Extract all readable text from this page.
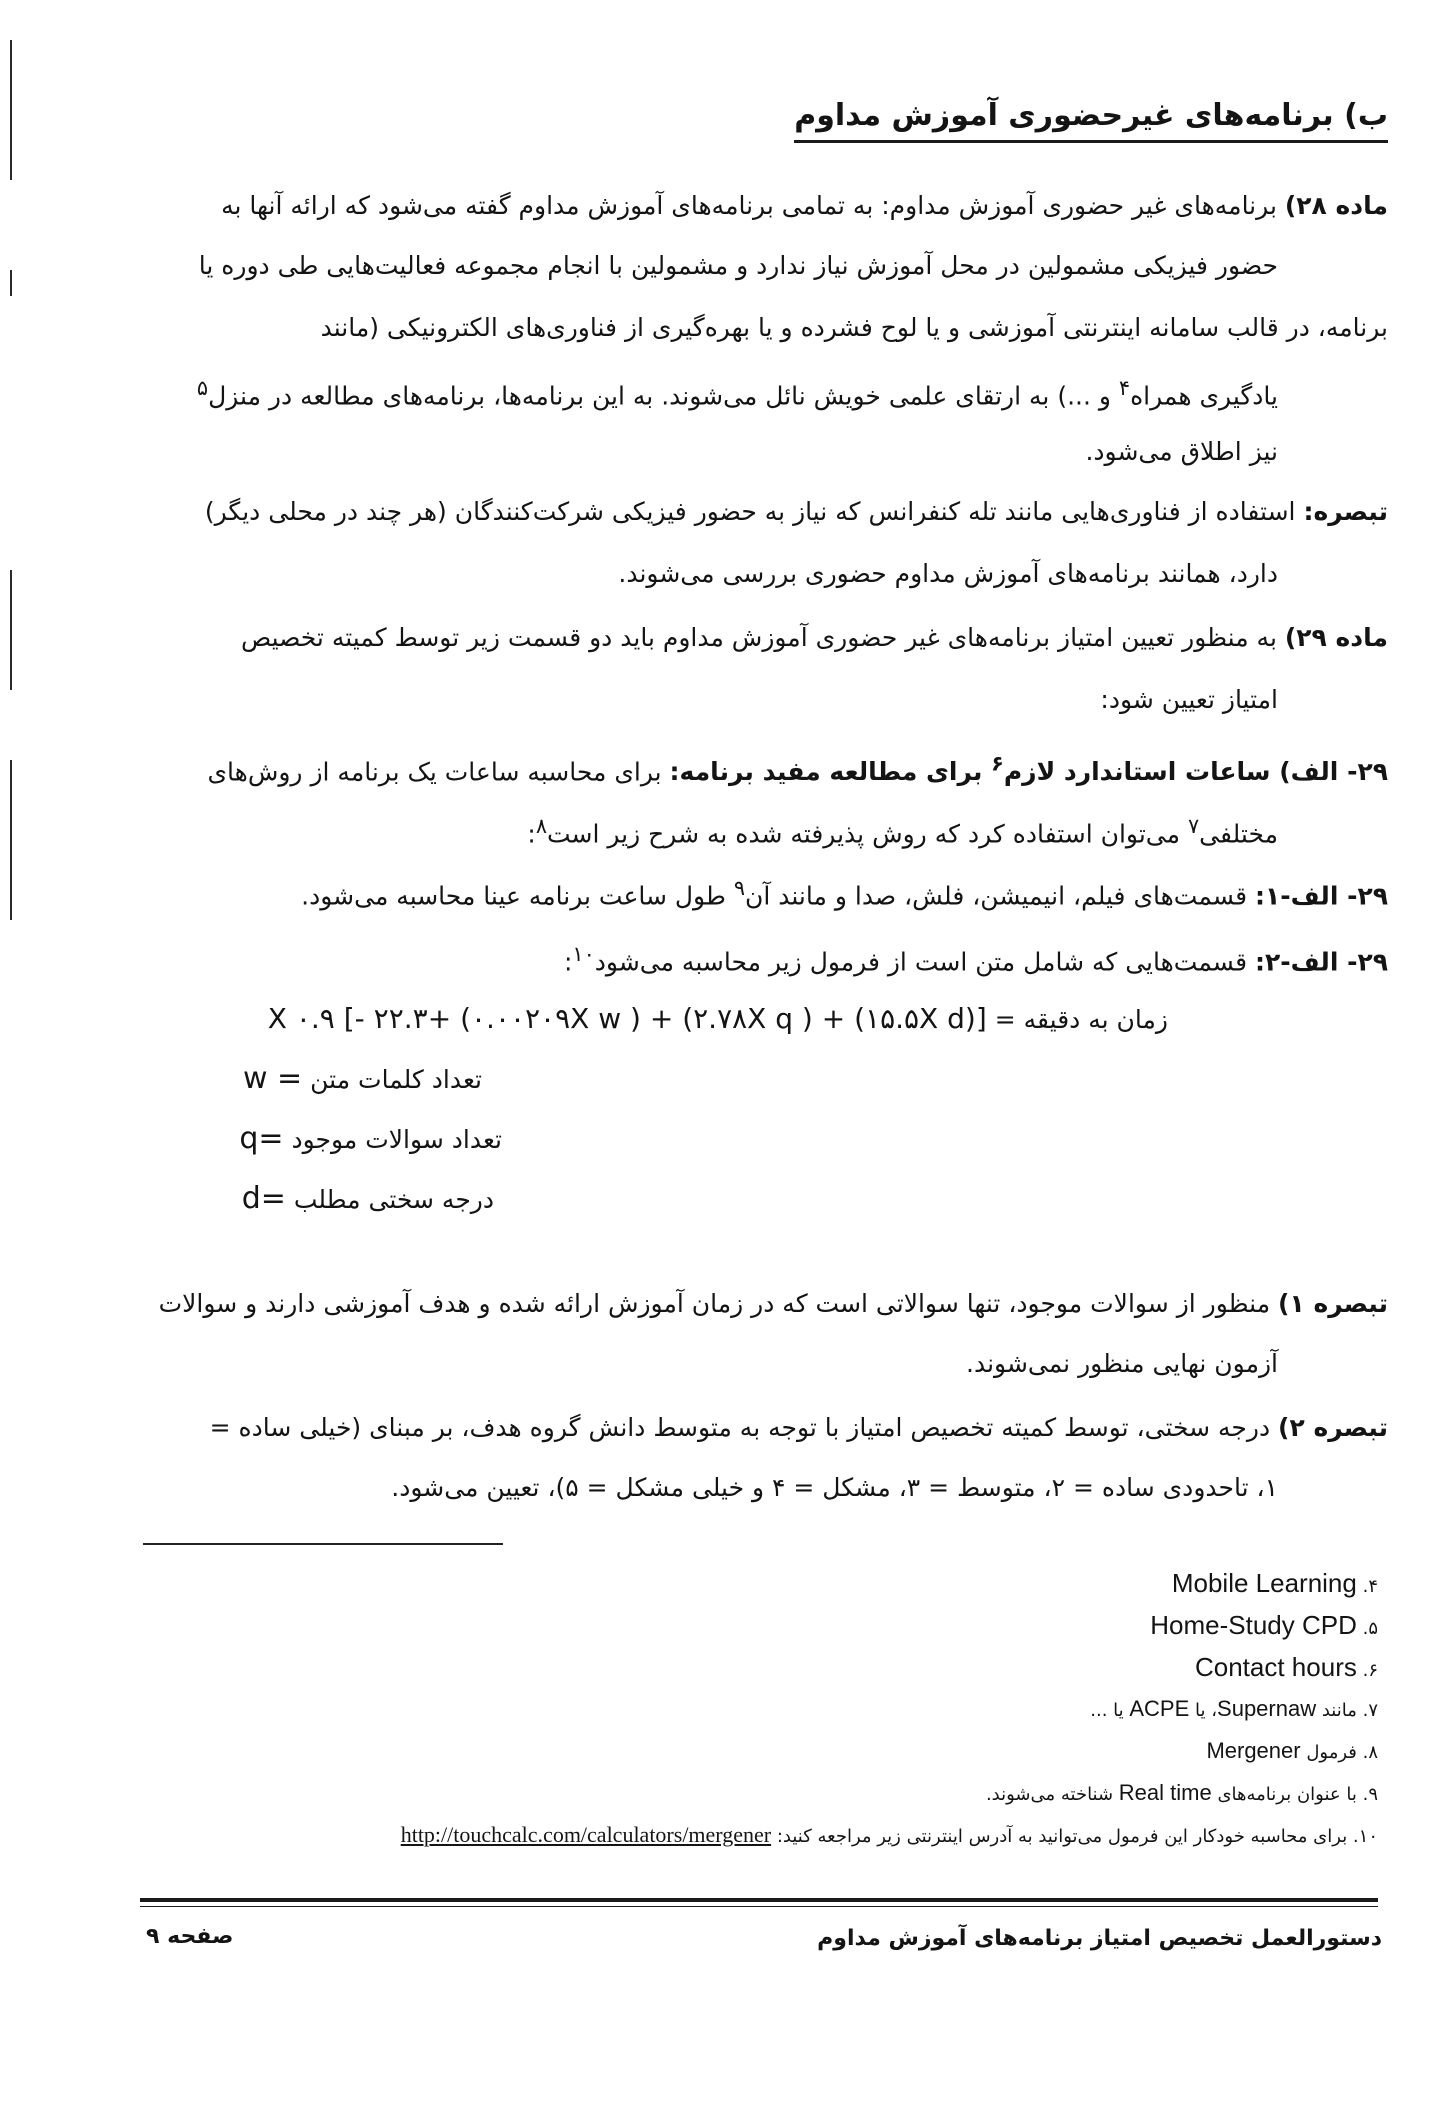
ب) برنامه‌های غیرحضوری آموزش مداوم

ماده ۲۸) برنامه‌های غیر حضوری آموزش مداوم: به تمامی برنامه‌های آموزش مداوم گفته می‌شود که ارائه آنها به

حضور فیزیکی مشمولین در محل آموزش نیاز ندارد و مشمولین با انجام مجموعه فعالیت‌هایی طی دوره یا

برنامه، در قالب سامانه اینترنتی آموزشی و یا لوح فشرده و یا بهره‌گیری از فناوری‌های الکترونیکی (مانند

یادگیری همراه$^۴$ و ...) به ارتقای علمی خویش نائل می‌شوند. به این برنامه‌ها، برنامه‌های مطالعه در منزل$^۵$

نیز اطلاق می‌شود.

تبصره: استفاده از فناوری‌هایی مانند تله کنفرانس که نیاز به حضور فیزیکی شرکت‌کنندگان (هر چند در محلی دیگر)

دارد، همانند برنامه‌های آموزش مداوم حضوری بررسی می‌شوند.

ماده ۲۹) به منظور تعیین امتیاز برنامه‌های غیر حضوری آموزش مداوم باید دو قسمت زیر توسط کمیته تخصیص

امتیاز تعیین شود:

۲۹- الف) ساعات استاندارد لازم$^۶$ برای مطالعه مفید برنامه: برای محاسبه ساعات یک برنامه از روش‌های

مختلفی$^۷$ می‌توان استفاده کرد که روش پذیرفته شده به شرح زیر است$^۸$:

۲۹- الف-۱: قسمت‌های فیلم، انیمیشن، فلش، صدا و مانند آن$^۹$ طول ساعت برنامه عینا محاسبه می‌شود.

۲۹- الف-۲: قسمت‌هایی که شامل متن است از فرمول زیر محاسبه می‌شود$^{۱۰}$:

زمان به دقیقه = [(۱۵.۵X d) + ( ۲.۷۸X q) + ( ۰.۰۰۲۰۹X w) +۲۲.۳ -] X ۰.۹

تعداد کلمات متن = w

تعداد سوالات موجود =q

درجه سختی مطلب =d

تبصره ۱) منظور از سوالات موجود، تنها سوالاتی است که در زمان آموزش ارائه شده و هدف آموزشی دارند و سوالات

آزمون نهایی منظور نمی‌شوند.

تبصره ۲) درجه سختی، توسط کمیته تخصیص امتیاز با توجه به متوسط دانش گروه هدف، بر مبنای (خیلی ساده =

۱، تاحدودی ساده = ۲، متوسط = ۳، مشکل = ۴ و خیلی مشکل = ۵)، تعیین می‌شود.

۴. Mobile Learning

۵. Home-Study CPD

۶. Contact hours

۷. مانند Supernaw، یا ACPE یا ...

۸. فرمول Mergener

۹. با عنوان برنامه‌های Real time شناخته می‌شوند.

۱۰. برای محاسبه خودکار این فرمول می‌توانید به آدرس اینترنتی زیر مراجعه کنید: http://touchcalc.com/calculators/mergener

دستورالعمل تخصیص امتیاز برنامه‌های آموزش مداوم

صفحه ۹
